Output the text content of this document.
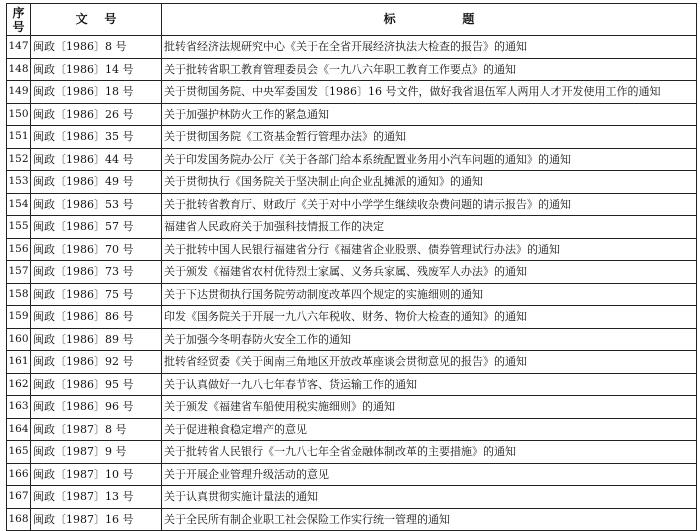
序号	文    号	标                题
147	闽政〔1986〕8 号	批转省经济法规研究中心《关于在全省开展经济执法大检查的报告》的通知
148	闽政〔1986〕14 号	关于批转省职工教育管理委员会《一九八六年职工教育工作要点》的通知
149	闽政〔1986〕18 号	关于贯彻国务院、中央军委国发〔1986〕16 号文件，做好我省退伍军人两用人才开发使用工作的通知
150	闽政〔1986〕26 号	关于加强护林防火工作的紧急通知
151	闽政〔1986〕35 号	关于贯彻国务院《工资基金暂行管理办法》的通知
152	闽政〔1986〕44 号	关于印发国务院办公厅《关于各部门给本系统配置业务用小汽车问题的通知》的通知
153	闽政〔1986〕49 号	关于贯彻执行《国务院关于坚决制止向企业乱摊派的通知》的通知
154	闽政〔1986〕53 号	关于批转省教育厅、财政厅《关于对中小学学生继续收杂费问题的请示报告》的通知
155	闽政〔1986〕57 号	福建省人民政府关于加强科技情报工作的决定
156	闽政〔1986〕70 号	关于批转中国人民银行福建省分行《福建省企业股票、债券管理试行办法》的通知
157	闽政〔1986〕73 号	关于颁发《福建省农村优待烈士家属、义务兵家属、残废军人办法》的通知
158	闽政〔1986〕75 号	关于下达贯彻执行国务院劳动制度改革四个规定的实施细则的通知
159	闽政〔1986〕86 号	印发《国务院关于开展一九八六年税收、财务、物价大检查的通知》的通知
160	闽政〔1986〕89 号	关于加强今冬明春防火安全工作的通知
161	闽政〔1986〕92 号	批转省经贸委《关于闽南三角地区开放改革座谈会贯彻意见的报告》的通知
162	闽政〔1986〕95 号	关于认真做好一九八七年春节客、货运输工作的通知
163	闽政〔1986〕96 号	关于颁发《福建省车船使用税实施细则》的通知
164	闽政〔1987〕8 号	关于促进粮食稳定增产的意见
165	闽政〔1987〕9 号	关于批转省人民银行《一九八七年全省金融体制改革的主要措施》的通知
166	闽政〔1987〕10 号	关于开展企业管理升级活动的意见
167	闽政〔1987〕13 号	关于认真贯彻实施计量法的通知
168	闽政〔1987〕16 号	关于全民所有制企业职工社会保险工作实行统一管理的通知
